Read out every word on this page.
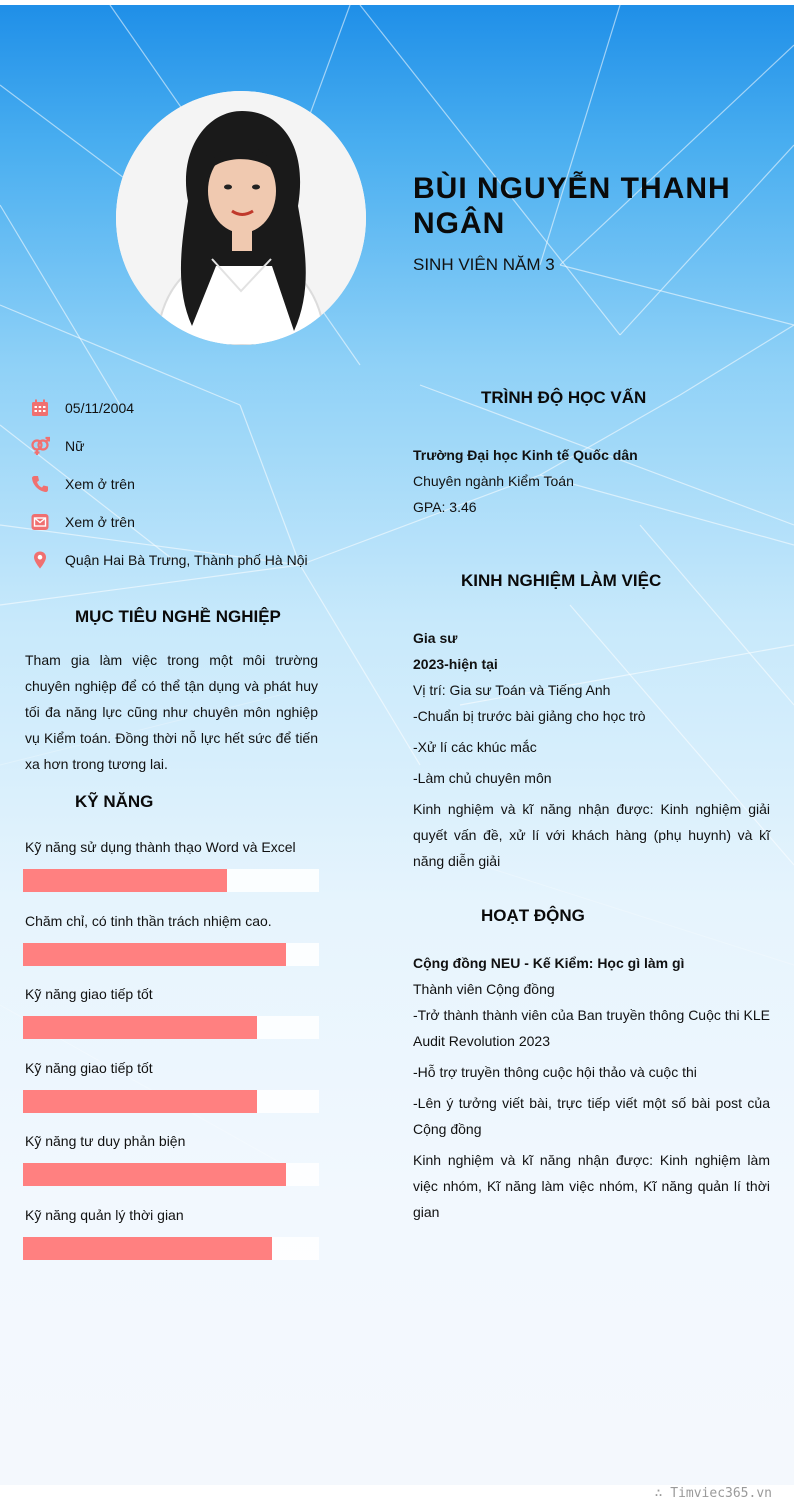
BÙI NGUYỄN THANH NGÂN
SINH VIÊN NĂM 3
05/11/2004
Nữ
Xem ở trên
Xem ở trên
Quận Hai Bà Trưng, Thành phố Hà Nội
MỤC TIÊU NGHỀ NGHIỆP

Tham gia làm việc trong một môi trường chuyên nghiệp để có thể tận dụng và phát huy tối đa năng lực cũng như chuyên môn nghiệp vụ Kiểm toán. Đồng thời nỗ lực hết sức để tiến xa hơn trong tương lai.

KỸ NĂNG
Kỹ năng sử dụng thành thạo Word và Excel
Chăm chỉ, có tinh thần trách nhiệm cao.
Kỹ năng giao tiếp tốt
Kỹ năng giao tiếp tốt
Kỹ năng tư duy phản biện
Kỹ năng quản lý thời gian
TRÌNH ĐỘ HỌC VẤN

Trường Đại học Kinh tế Quốc dân

Chuyên ngành Kiểm Toán

GPA: 3.46

KINH NGHIỆM LÀM VIỆC

Gia sư

2023-hiện tại

Vị trí: Gia sư Toán và Tiếng Anh

-Chuẩn bị trước bài giảng cho học trò

-Xử lí các khúc mắc

-Làm chủ chuyên môn

Kinh nghiệm và kĩ năng nhận được: Kinh nghiệm giải quyết vấn đề, xử lí với khách hàng (phụ huynh) và kĩ năng diễn giải

HOẠT ĐỘNG

Cộng đồng NEU - Kế Kiểm: Học gì làm gì

Thành viên Cộng đồng

-Trở thành thành viên của Ban truyền thông Cuộc thi KLE Audit Revolution 2023

-Hỗ trợ truyền thông cuộc hội thảo và cuộc thi

-Lên ý tưởng viết bài, trực tiếp viết một số bài post của Cộng đồng

Kinh nghiệm và kĩ năng nhận được: Kinh nghiệm làm việc nhóm, Kĩ năng làm việc nhóm, Kĩ năng quản lí thời gian

∴ Timviec365.vn
